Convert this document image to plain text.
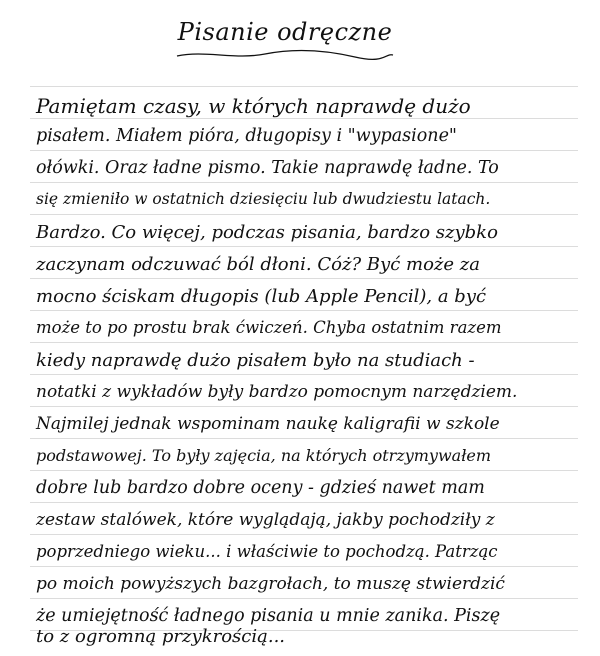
Pisanie odręczne
Pamiętam czasy, w których naprawdę dużo
pisałem. Miałem pióra, długopisy i "wypasione"
ołówki. Oraz ładne pismo. Takie naprawdę ładne. To
się zmieniło w ostatnich dziesięciu lub dwudziestu latach.
Bardzo. Co więcej, podczas pisania, bardzo szybko
zaczynam odczuwać ból dłoni. Cóż? Być może za
mocno ściskam długopis (lub Apple Pencil), a być
może to po prostu brak ćwiczeń. Chyba ostatnim razem
kiedy naprawdę dużo pisałem było na studiach -
notatki z wykładów były bardzo pomocnym narzędziem.
Najmilej jednak wspominam naukę kaligrafii w szkole
podstawowej. To były zajęcia, na których otrzymywałem
dobre lub bardzo dobre oceny - gdzieś nawet mam
zestaw stalówek, które wyglądają, jakby pochodziły z
poprzedniego wieku... i właściwie to pochodzą. Patrząc
po moich powyższych bazgrołach, to muszę stwierdzić
że umiejętność ładnego pisania u mnie zanika. Piszę
to z ogromną przykrością...
